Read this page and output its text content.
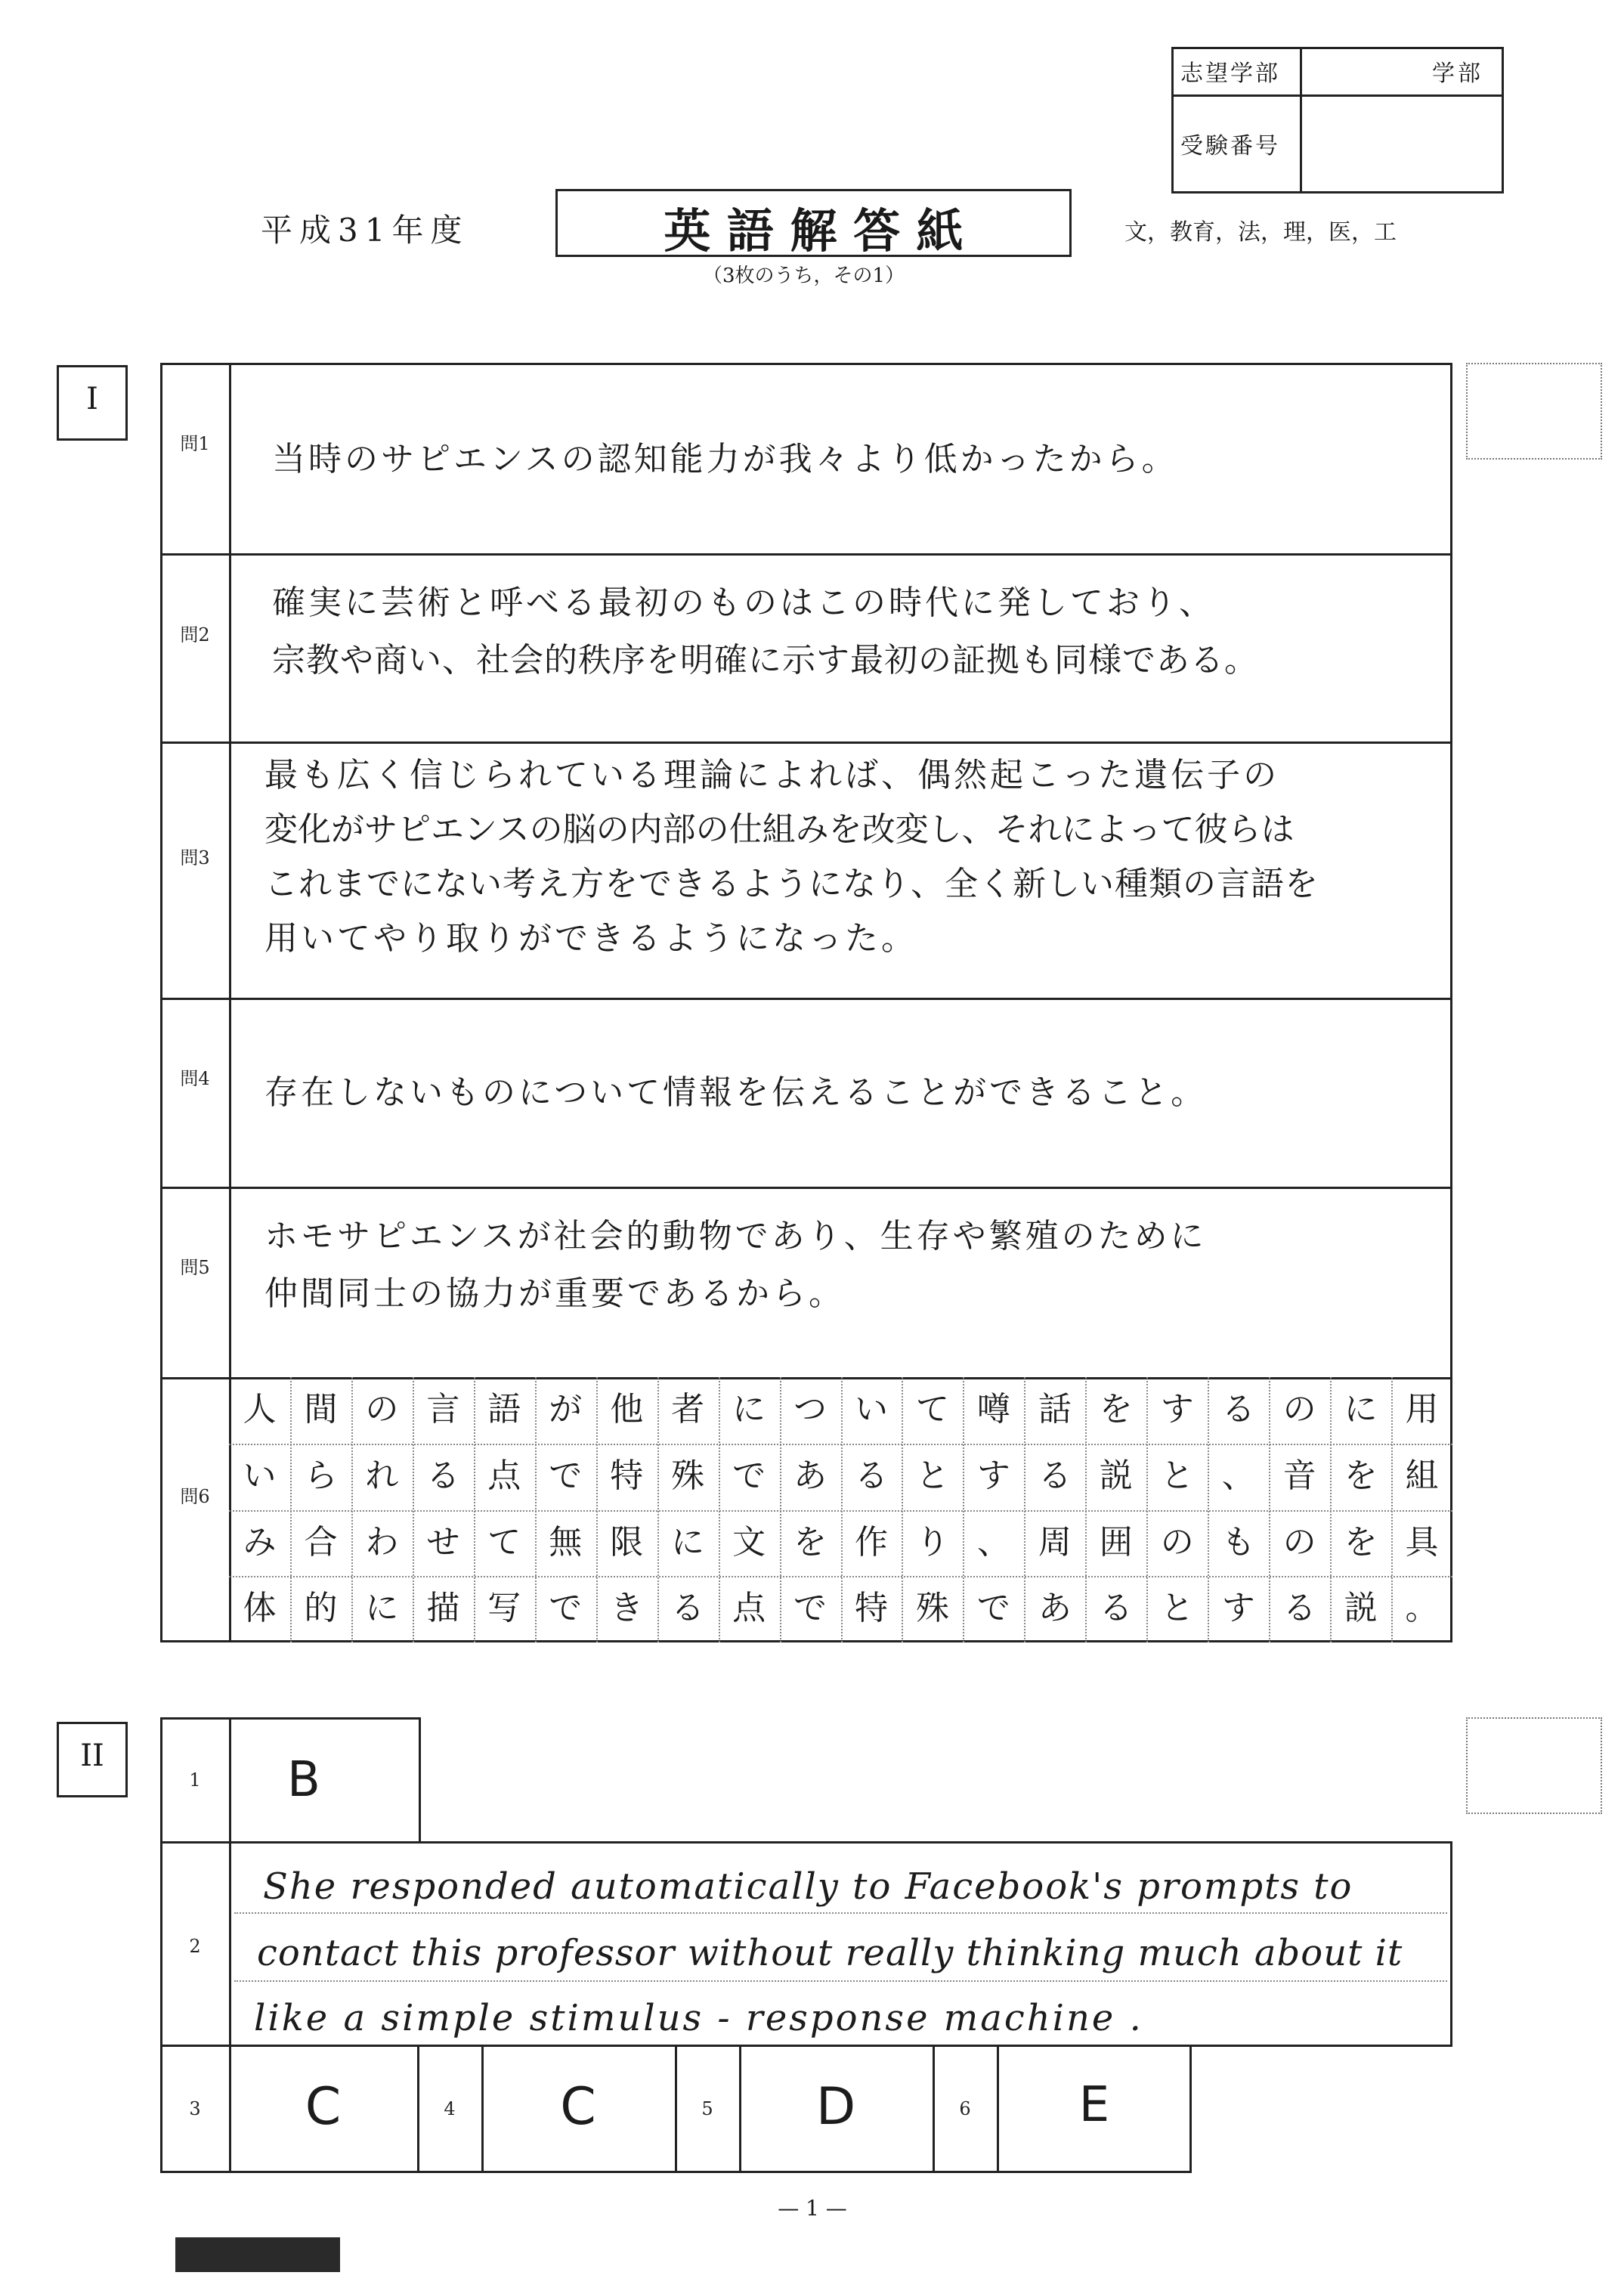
志望学部	学部
受験番号
平成31年度	英 語 解 答 紙
（3枚のうち，その1）
文，教育，法，理，医，工
I
問1 当時のサピエンスの認知能力が我々より低かったから。
問2
確実に芸術と呼べる最初のものはこの時代に発しており、
宗教や商い、社会的秩序を明確に示す最初の証拠も同様である。
問3
最も広く信じられている理論によれば、偶然起こった遺伝子の
変化がサピエンスの脳の内部の仕組みを改変し、それによって彼らは
これまでにない考え方をできるようになり、全く新しい種類の言語を
用いてやり取りができるようになった。
問4 存在しないものについて情報を伝えることができること。
問5
ホモサピエンスが社会的動物であり、生存や繁殖のために
仲間同士の協力が重要であるから。
問6
人 間 の 言 語 が 他 者 に つ い て 噂 話 を す る の に 用
い ら れ る 点 で 特 殊 で あ る と す る 説 と 、 音 を 組
み 合 わ せ て 無 限 に 文 を 作 り 、 周 囲 の も の を 具
体 的 に 描 写 で き る 点 で 特 殊 で あ る と す る 説 。
II
1 B
2
She responded automatically to Facebook's prompts to
contact this professor without really thinking much about it
like a simple stimulus - response machine .
3	C	4	C	5	D	6	E
— 1 —
